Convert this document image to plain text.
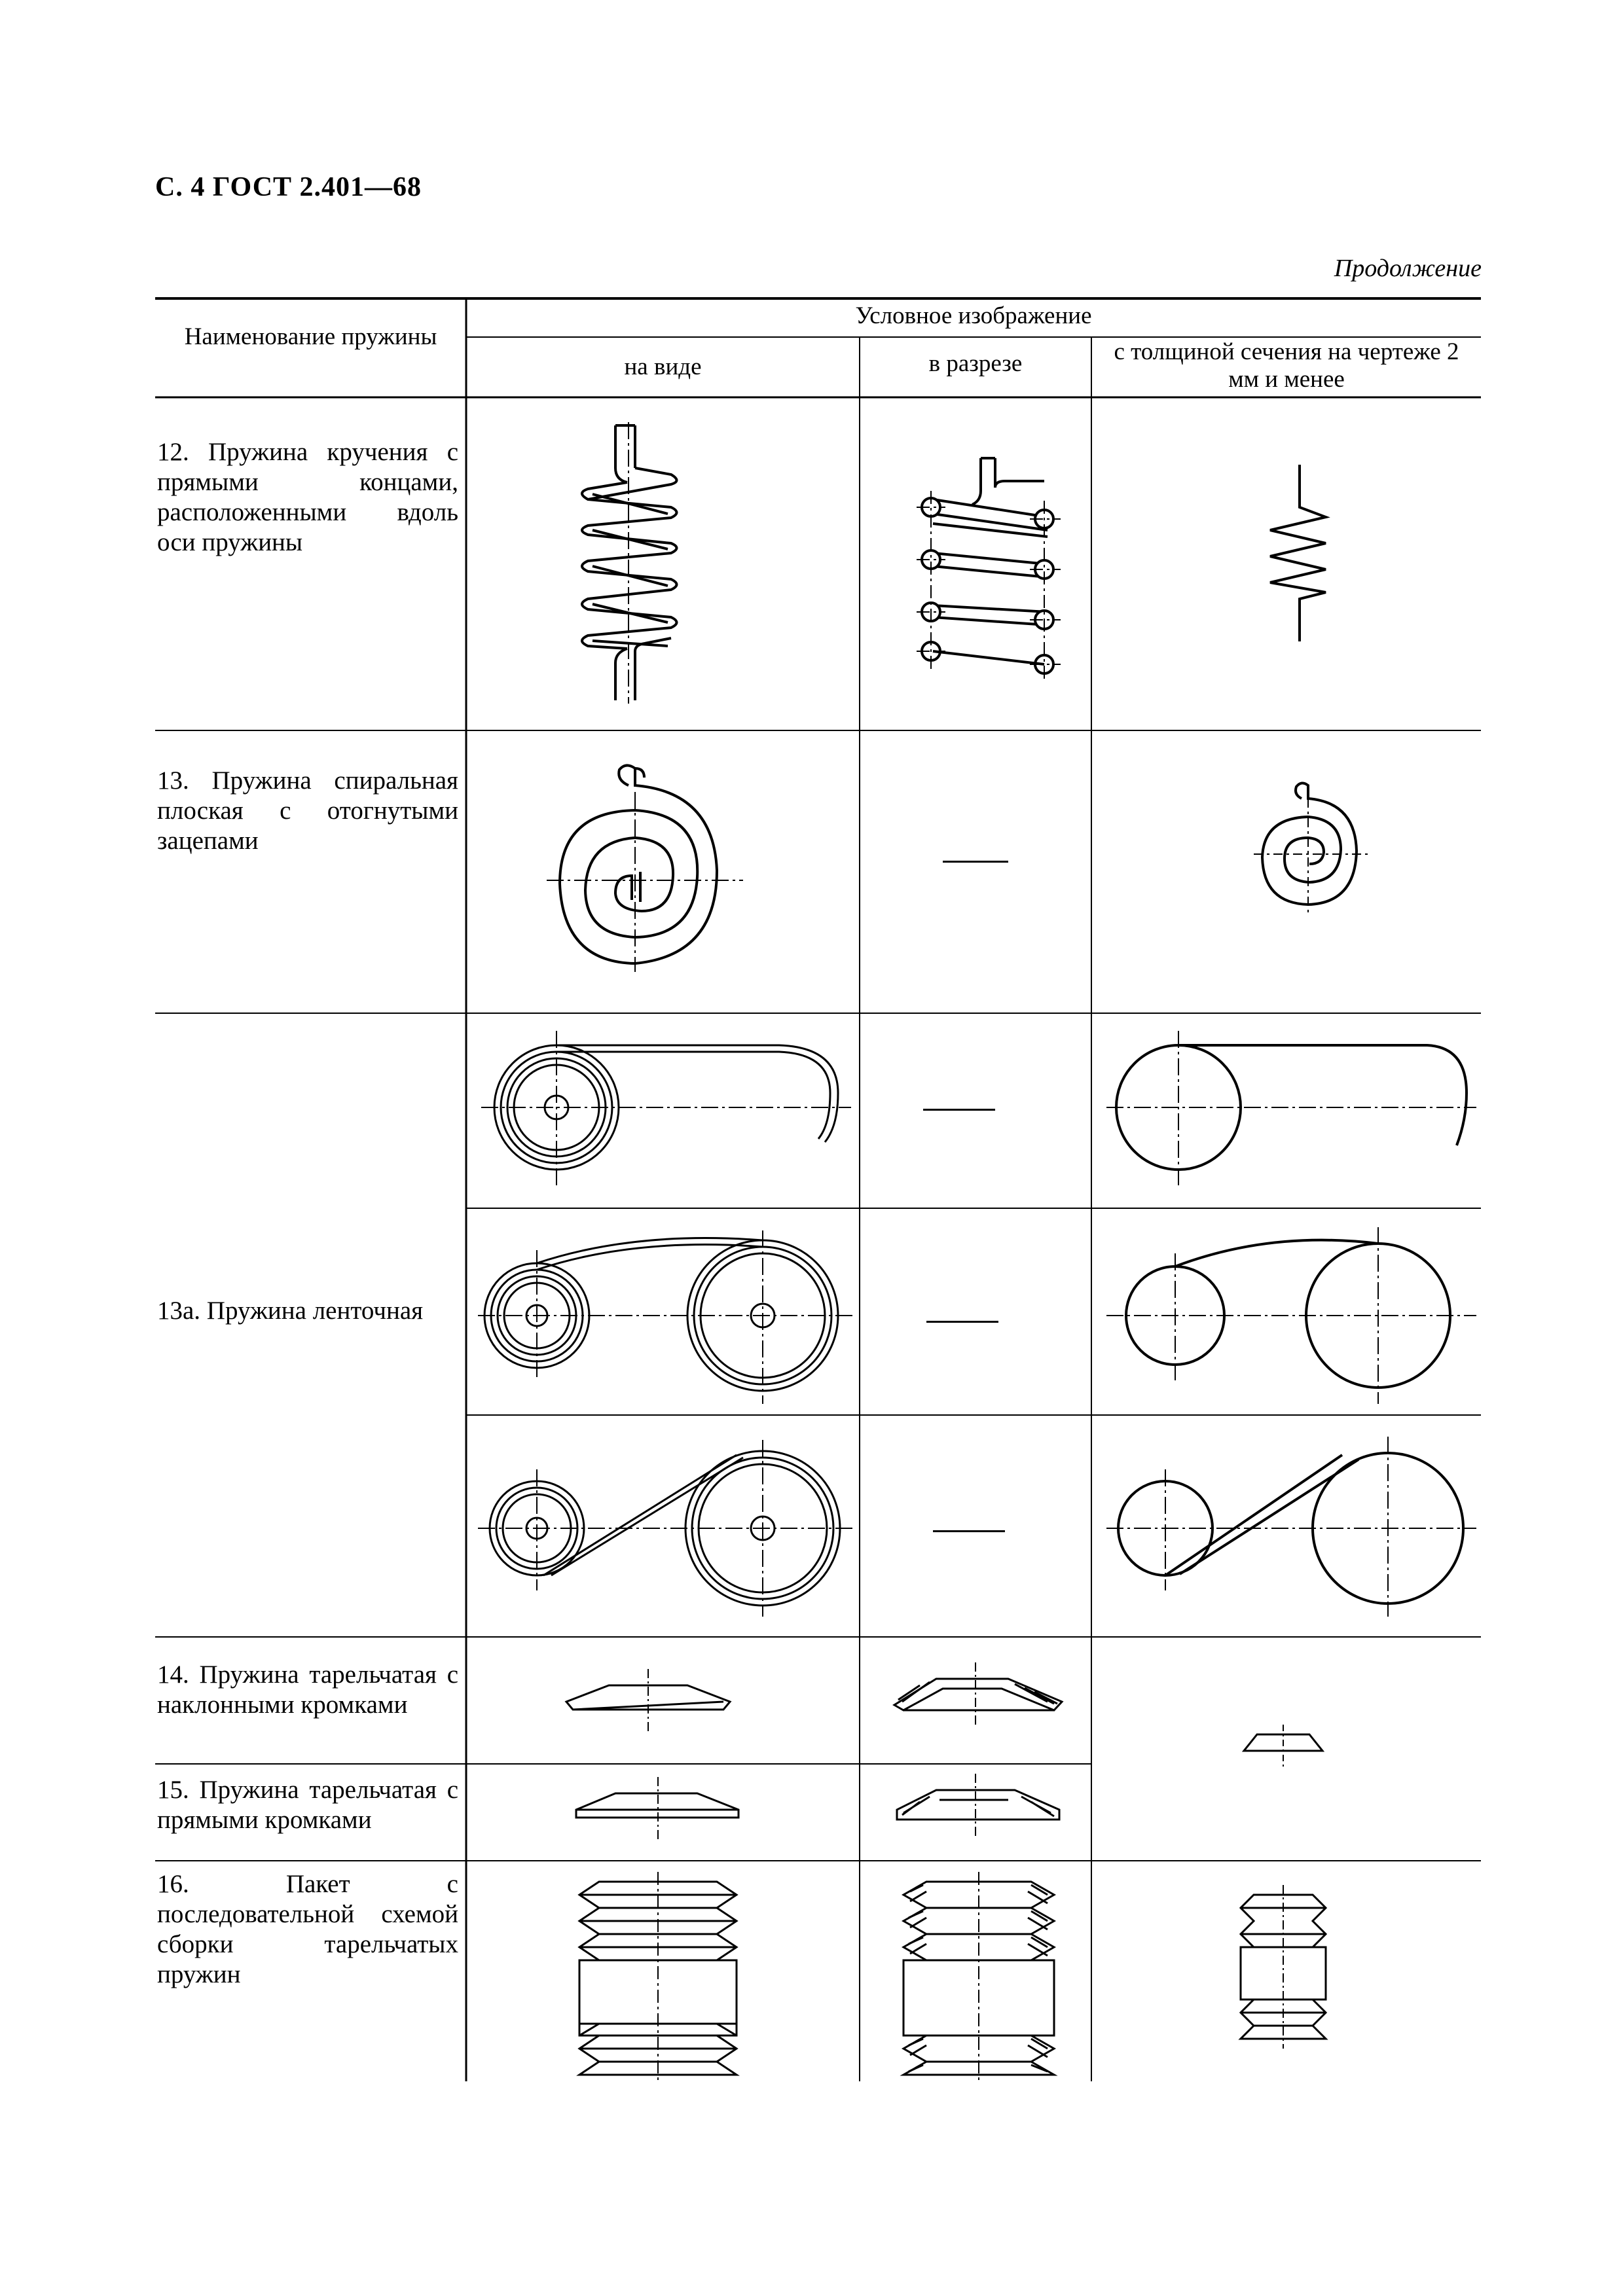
С. 4 ГОСТ 2.401—68
Продолжение
Наименование пружины
Условное изображение
на виде	в разрезе	с толщиной сечения на чертеже 2 мм и менее
12. Пружина кручения с прямыми концами, расположенными вдоль оси пружины
13. Пружина спиральная плоская с отогнутыми зацепами
13а. Пружина ленточная
14. Пружина тарельчатая с наклонными кромками
15. Пружина тарельчатая с прямыми кромками
16. Пакет с последовательной схемой сборки тарельчатых пружин
